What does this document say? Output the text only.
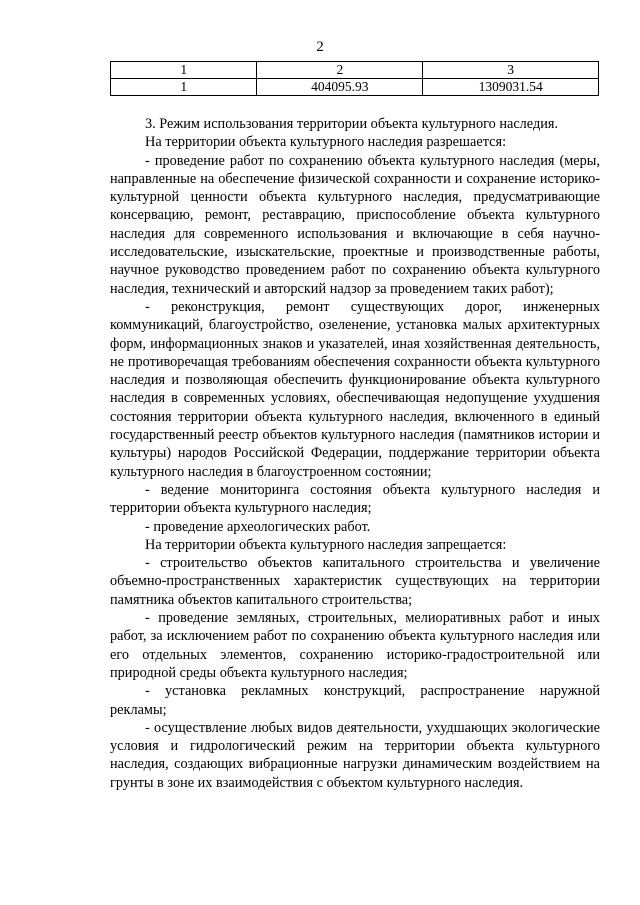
2
1	2	3
1	404095.93	1309031.54

3. Режим использования территории объекта культурного наследия.

На территории объекта культурного наследия разрешается:

- проведение работ по сохранению объекта культурного наследия (меры, направленные на обеспечение физической сохранности и сохранение историко-культурной ценности объекта культурного наследия, предусматривающие консервацию, ремонт, реставрацию, приспособление объекта культурного наследия для современного использования и включающие в себя научно-исследовательские, изыскательские, проектные и производственные работы, научное руководство проведением работ по сохранению объекта культурного наследия, технический и авторский надзор за проведением таких работ);

- реконструкция, ремонт существующих дорог, инженерных коммуникаций, благоустройство, озеленение, установка малых архитектурных форм, информационных знаков и указателей, иная хозяйственная деятельность, не противоречащая требованиям обеспечения сохранности объекта культурного наследия и позволяющая обеспечить функционирование объекта культурного наследия в современных условиях, обеспечивающая недопущение ухудшения состояния территории объекта культурного наследия, включенного в единый государственный реестр объектов культурного наследия (памятников истории и культуры) народов Российской Федерации, поддержание территории объекта культурного наследия в благоустроенном состоянии;

- ведение мониторинга состояния объекта культурного наследия и территории объекта культурного наследия;

- проведение археологических работ.

На территории объекта культурного наследия запрещается:

- строительство объектов капитального строительства и увеличение объемно-пространственных характеристик существующих на территории памятника объектов капитального строительства;

- проведение земляных, строительных, мелиоративных работ и иных работ, за исключением работ по сохранению объекта культурного наследия или его отдельных элементов, сохранению историко-градостроительной или природной среды объекта культурного наследия;

- установка рекламных конструкций, распространение наружной рекламы;

- осуществление любых видов деятельности, ухудшающих экологические условия и гидрологический режим на территории объекта культурного наследия, создающих вибрационные нагрузки динамическим воздействием на грунты в зоне их взаимодействия с объектом культурного наследия.
